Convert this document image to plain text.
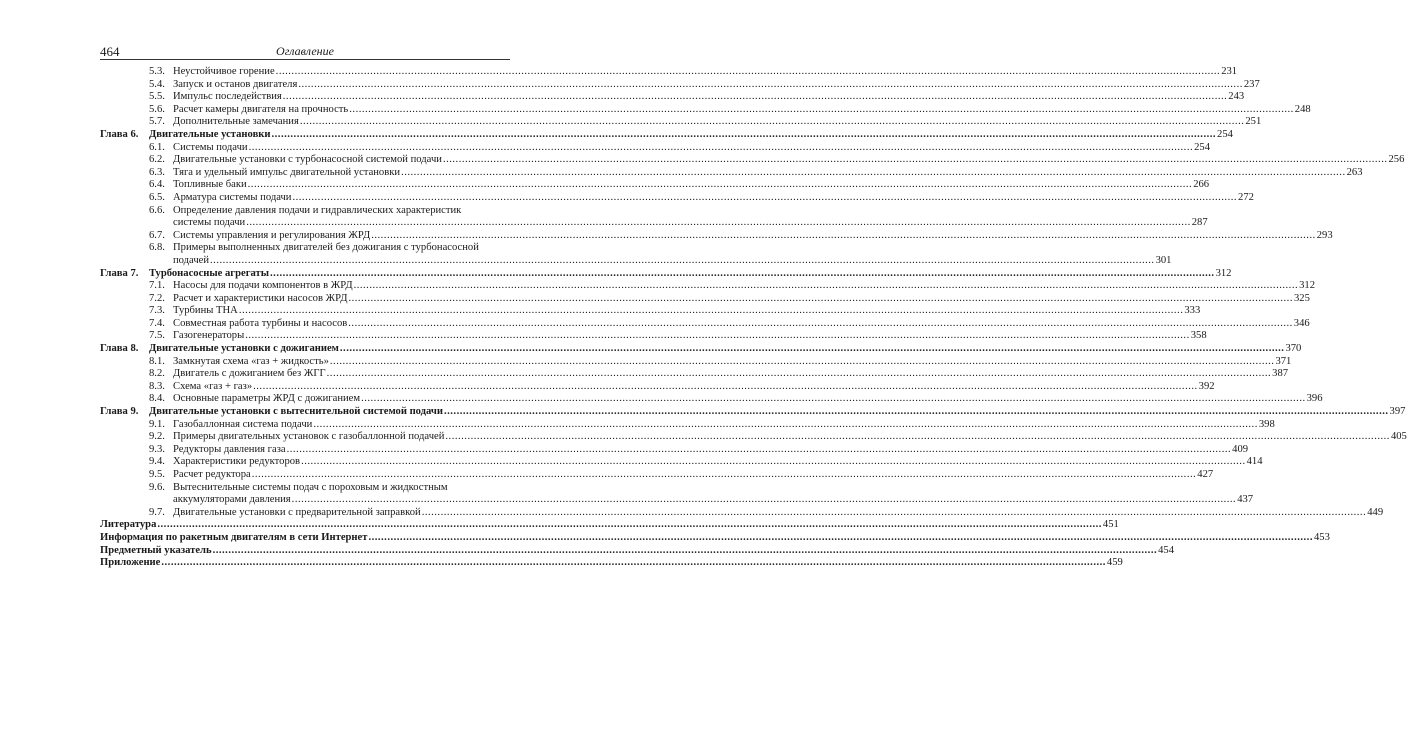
464	Оглавление
5.3. Неустойчивое горение ............................................................................................................................................................................................................................................................................................................ 231
5.4. Запуск и останов двигателя ............................................................................................................................................................................................................................................................................................................ 237
5.5. Импульс последействия ............................................................................................................................................................................................................................................................................................................ 243
5.6. Расчет камеры двигателя на прочность ............................................................................................................................................................................................................................................................................................................ 248
5.7. Дополнительные замечания ............................................................................................................................................................................................................................................................................................................ 251
Глава 6. Двигательные установки ............................................................................................................................................................................................................................................................................................................ 254
6.1. Системы подачи ............................................................................................................................................................................................................................................................................................................ 254
6.2. Двигательные установки с турбонасосной системой подачи ............................................................................................................................................................................................................................................................................................................ 256
6.3. Тяга и удельный импульс двигательной установки ............................................................................................................................................................................................................................................................................................................ 263
6.4. Топливные баки ............................................................................................................................................................................................................................................................................................................ 266
6.5. Арматура системы подачи ............................................................................................................................................................................................................................................................................................................ 272
6.6. Определение давления подачи и гидравлических характеристик
системы подачи ............................................................................................................................................................................................................................................................................................................ 287
6.7. Системы управления и регулирования ЖРД ............................................................................................................................................................................................................................................................................................................ 293
6.8. Примеры выполненных двигателей без дожигания с турбонасосной
подачей ............................................................................................................................................................................................................................................................................................................ 301
Глава 7. Турбонасосные агрегаты ............................................................................................................................................................................................................................................................................................................ 312
7.1. Насосы для подачи компонентов в ЖРД ............................................................................................................................................................................................................................................................................................................ 312
7.2. Расчет и характеристики насосов ЖРД ............................................................................................................................................................................................................................................................................................................ 325
7.3. Турбины ТНА ............................................................................................................................................................................................................................................................................................................ 333
7.4. Совместная работа турбины и насосов ............................................................................................................................................................................................................................................................................................................ 346
7.5. Газогенераторы ............................................................................................................................................................................................................................................................................................................ 358
Глава 8. Двигательные установки с дожиганием ............................................................................................................................................................................................................................................................................................................ 370
8.1. Замкнутая схема «газ + жидкость» ............................................................................................................................................................................................................................................................................................................ 371
8.2. Двигатель с дожиганием без ЖГГ ............................................................................................................................................................................................................................................................................................................ 387
8.3. Схема «газ + газ» ............................................................................................................................................................................................................................................................................................................ 392
8.4. Основные параметры ЖРД с дожиганием ............................................................................................................................................................................................................................................................................................................ 396
Глава 9. Двигательные установки с вытеснительной системой подачи ............................................................................................................................................................................................................................................................................................................ 397
9.1. Газобаллонная система подачи ............................................................................................................................................................................................................................................................................................................ 398
9.2. Примеры двигательных установок с газобаллонной подачей ............................................................................................................................................................................................................................................................................................................ 405
9.3. Редукторы давления газа ............................................................................................................................................................................................................................................................................................................ 409
9.4. Характеристики редукторов ............................................................................................................................................................................................................................................................................................................ 414
9.5. Расчет редуктора ............................................................................................................................................................................................................................................................................................................ 427
9.6. Вытеснительные системы подач с пороховым и жидкостным
аккумуляторами давления ............................................................................................................................................................................................................................................................................................................ 437
9.7. Двигательные установки с предварительной заправкой ............................................................................................................................................................................................................................................................................................................ 449
Литература ............................................................................................................................................................................................................................................................................................................ 451
Информация по ракетным двигателям в сети Интернет ............................................................................................................................................................................................................................................................................................................ 453
Предметный указатель ............................................................................................................................................................................................................................................................................................................ 454
Приложение ............................................................................................................................................................................................................................................................................................................ 459
